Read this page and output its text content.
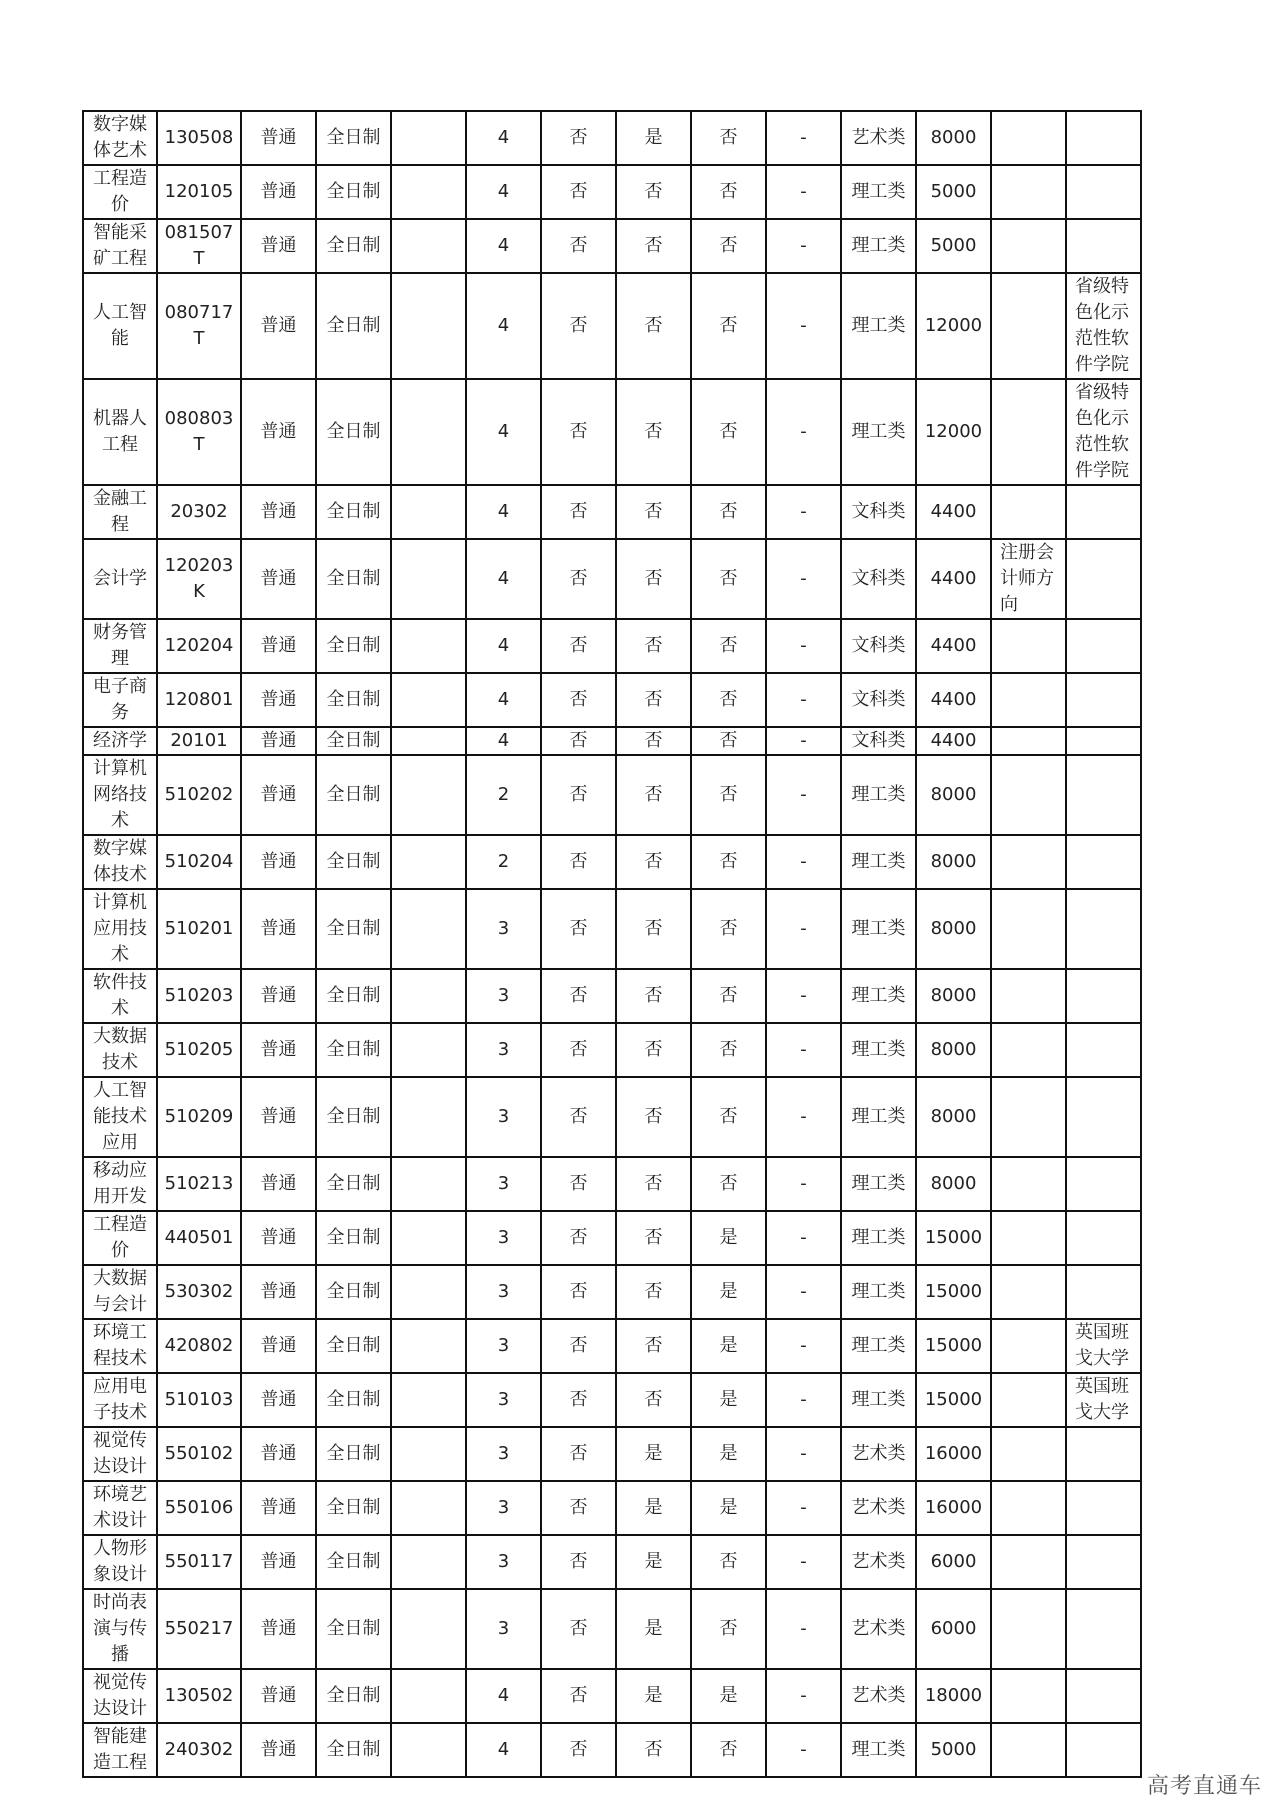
数字媒体艺术	130508	普通	全日制		4	否	是	否	-	艺术类	8000		
工程造价	120105	普通	全日制		4	否	否	否	-	理工类	5000		
智能采矿工程	081507T	普通	全日制		4	否	否	否	-	理工类	5000		
人工智能	080717T	普通	全日制		4	否	否	否	-	理工类	12000		省级特色化示范性软件学院
机器人工程	080803T	普通	全日制		4	否	否	否	-	理工类	12000		省级特色化示范性软件学院
金融工程	20302	普通	全日制		4	否	否	否	-	文科类	4400		
会计学	120203K	普通	全日制		4	否	否	否	-	文科类	4400	注册会计师方向	
财务管理	120204	普通	全日制		4	否	否	否	-	文科类	4400		
电子商务	120801	普通	全日制		4	否	否	否	-	文科类	4400		
经济学	20101	普通	全日制		4	否	否	否	-	文科类	4400		
计算机网络技术	510202	普通	全日制		2	否	否	否	-	理工类	8000		
数字媒体技术	510204	普通	全日制		2	否	否	否	-	理工类	8000		
计算机应用技术	510201	普通	全日制		3	否	否	否	-	理工类	8000		
软件技术	510203	普通	全日制		3	否	否	否	-	理工类	8000		
大数据技术	510205	普通	全日制		3	否	否	否	-	理工类	8000		
人工智能技术应用	510209	普通	全日制		3	否	否	否	-	理工类	8000		
移动应用开发	510213	普通	全日制		3	否	否	否	-	理工类	8000		
工程造价	440501	普通	全日制		3	否	否	是	-	理工类	15000		
大数据与会计	530302	普通	全日制		3	否	否	是	-	理工类	15000		
环境工程技术	420802	普通	全日制		3	否	否	是	-	理工类	15000		英国班戈大学
应用电子技术	510103	普通	全日制		3	否	否	是	-	理工类	15000		英国班戈大学
视觉传达设计	550102	普通	全日制		3	否	是	是	-	艺术类	16000		
环境艺术设计	550106	普通	全日制		3	否	是	是	-	艺术类	16000		
人物形象设计	550117	普通	全日制		3	否	是	否	-	艺术类	6000		
时尚表演与传播	550217	普通	全日制		3	否	是	否	-	艺术类	6000		
视觉传达设计	130502	普通	全日制		4	否	是	是	-	艺术类	18000		
智能建造工程	240302	普通	全日制		4	否	否	否	-	理工类	5000		
高考直通车
